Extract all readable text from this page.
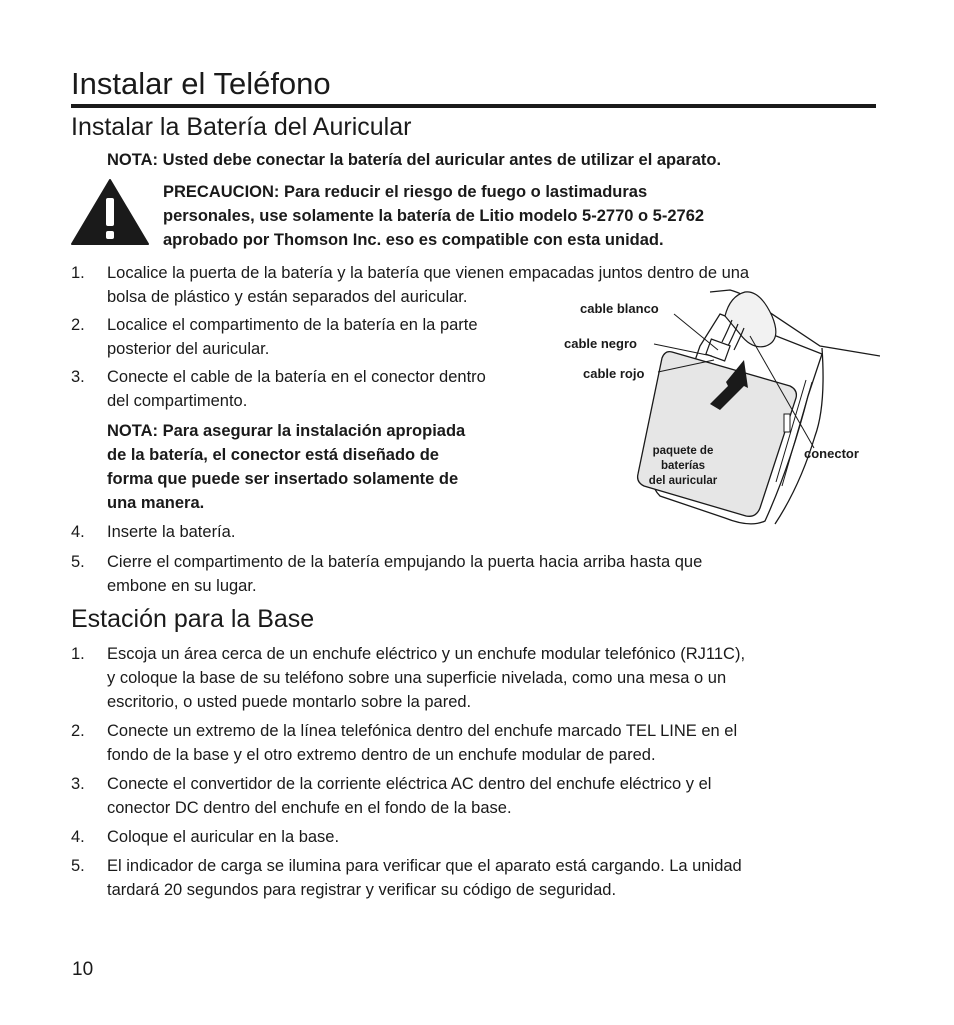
Instalar el Teléfono
Instalar la Batería del Auricular

NOTA: Usted debe conectar la batería del auricular antes de utilizar el aparato.

PRECAUCION: Para reducir el riesgo de fuego o lastimaduras
personales, use solamente la batería de Litio modelo 5-2770 o 5-2762
aprobado por Thomson Inc. eso es compatible con esta unidad.
1. Localice la puerta de la batería y la batería que vienen empacadas juntos dentro de una
bolsa de plástico y están separados del auricular.
2. Localice el compartimento de la batería en la parte
posterior del auricular.
3. Conecte el cable de la batería en el conector dentro
del compartimento.
NOTA: Para asegurar la instalación apropiada
de la batería, el conector está diseñado de
forma que puede ser insertado solamente de
una manera.
4. Inserte la batería.
5. Cierre el compartimento de la batería empujando la puerta hacia arriba hasta que
embone en su lugar.
cable blanco
cable negro
cable rojo
paquete de
baterías
del auricular
conector
Estación para la Base
1. Escoja un área cerca de un enchufe eléctrico y un enchufe modular telefónico (RJ11C),
y coloque la base de su teléfono sobre una superficie nivelada, como una mesa o un
escritorio, o usted puede montarlo sobre la pared.
2. Conecte un extremo de la línea telefónica dentro del enchufe marcado TEL LINE en el
fondo de la base y el otro extremo dentro de un enchufe modular de pared.
3. Conecte el convertidor de la corriente eléctrica AC dentro del enchufe eléctrico y el
conector DC dentro del enchufe en el fondo de la base.
4. Coloque el auricular en la base.
5. El indicador de carga se ilumina para verificar que el aparato está cargando. La unidad
tardará 20 segundos para registrar y verificar su código de seguridad.
10
